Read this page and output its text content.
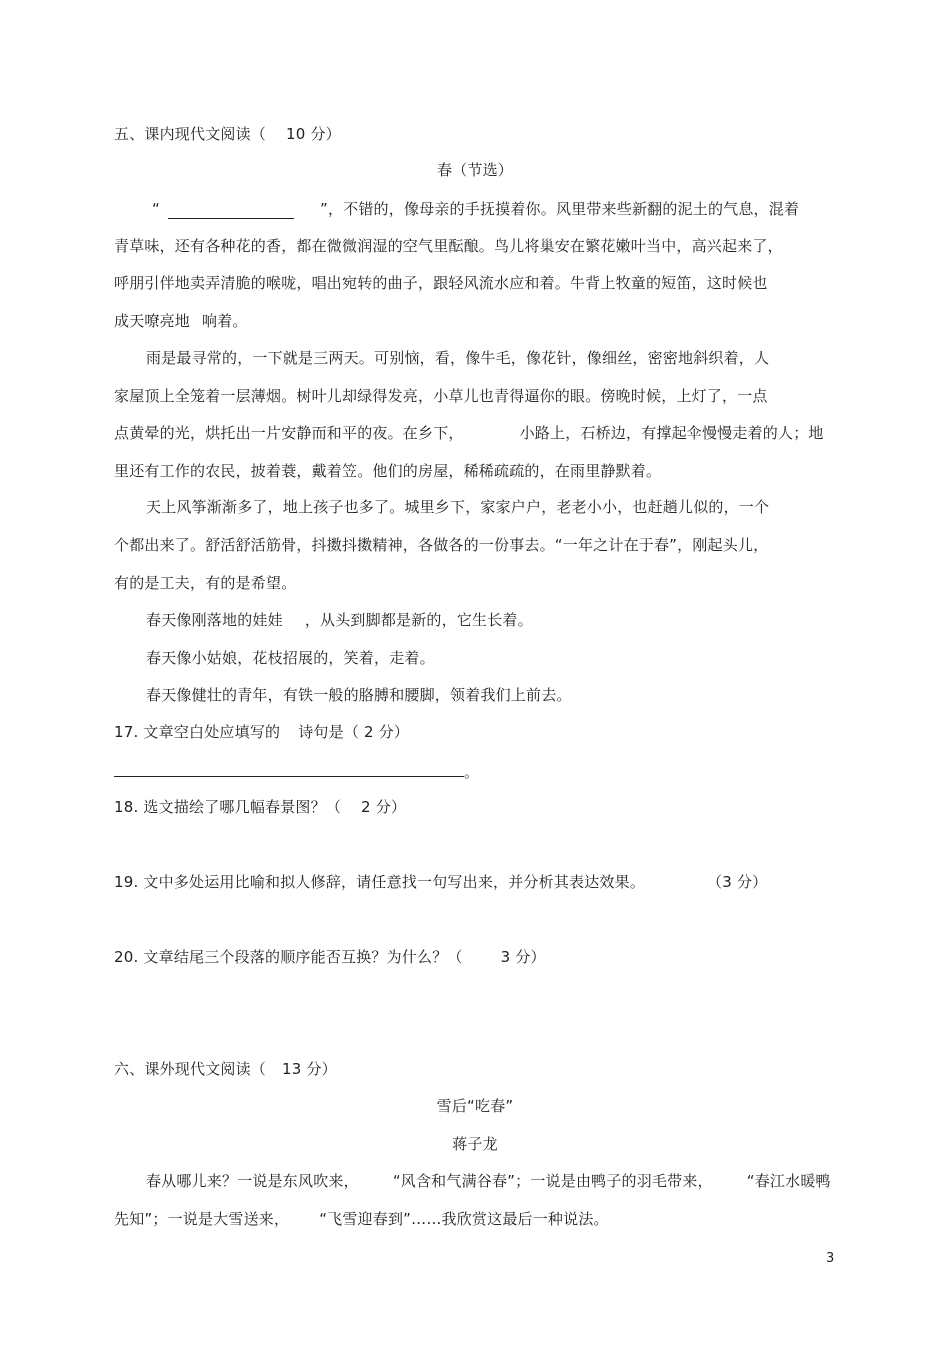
五、课内现代文阅读（ 10 分）
春（节选）
“	”，不错的，像母亲的手抚摸着你。风里带来些新翻的泥土的气息，混着
青草味，还有各种花的香，都在微微润湿的空气里酝酿。鸟儿将巢安在繁花嫩叶当中，高兴起来了，
呼朋引伴地卖弄清脆的喉咙，唱出宛转的曲子，跟轻风流水应和着。牛背上牧童的短笛，这时候也
成天嘹亮地 响着。
雨是最寻常的，一下就是三两天。可别恼，看，像牛毛，像花针，像细丝，密密地斜织着，人
家屋顶上全笼着一层薄烟。树叶儿却绿得发亮，小草儿也青得逼你的眼。傍晚时候，上灯了，一点
点黄晕的光，烘托出一片安静而和平的夜。在乡下，	小路上，石桥边，有撑起伞慢慢走着的人；地
里还有工作的农民，披着蓑，戴着笠。他们的房屋，稀稀疏疏的，在雨里静默着。
天上风筝渐渐多了，地上孩子也多了。城里乡下，家家户户，老老小小，也赶趟儿似的，一个
个都出来了。舒活舒活筋骨，抖擞抖擞精神，各做各的一份事去。“一年之计在于春”，刚起头儿，
有的是工夫，有的是希望。
春天像刚落地的娃娃 ，从头到脚都是新的，它生长着。
春天像小姑娘，花枝招展的，笑着，走着。
春天像健壮的青年，有铁一般的胳膊和腰脚，领着我们上前去。
17. 文章空白处应填写的 诗句是（ 2 分）
。
18. 选文描绘了哪几幅春景图？（ 2 分）
19. 文中多处运用比喻和拟人修辞，请任意找一句写出来，并分析其表达效果。	（3 分）
20. 文章结尾三个段落的顺序能否互换？为什么？（	3 分）
六、课外现代文阅读（ 13 分）
雪后“吃春”
蒋子龙
春从哪儿来？一说是东风吹来， “风含和气满谷春”；一说是由鸭子的羽毛带来， “春江水暖鸭
先知”；一说是大雪送来， “飞雪迎春到”……我欣赏这最后一种说法。
3
